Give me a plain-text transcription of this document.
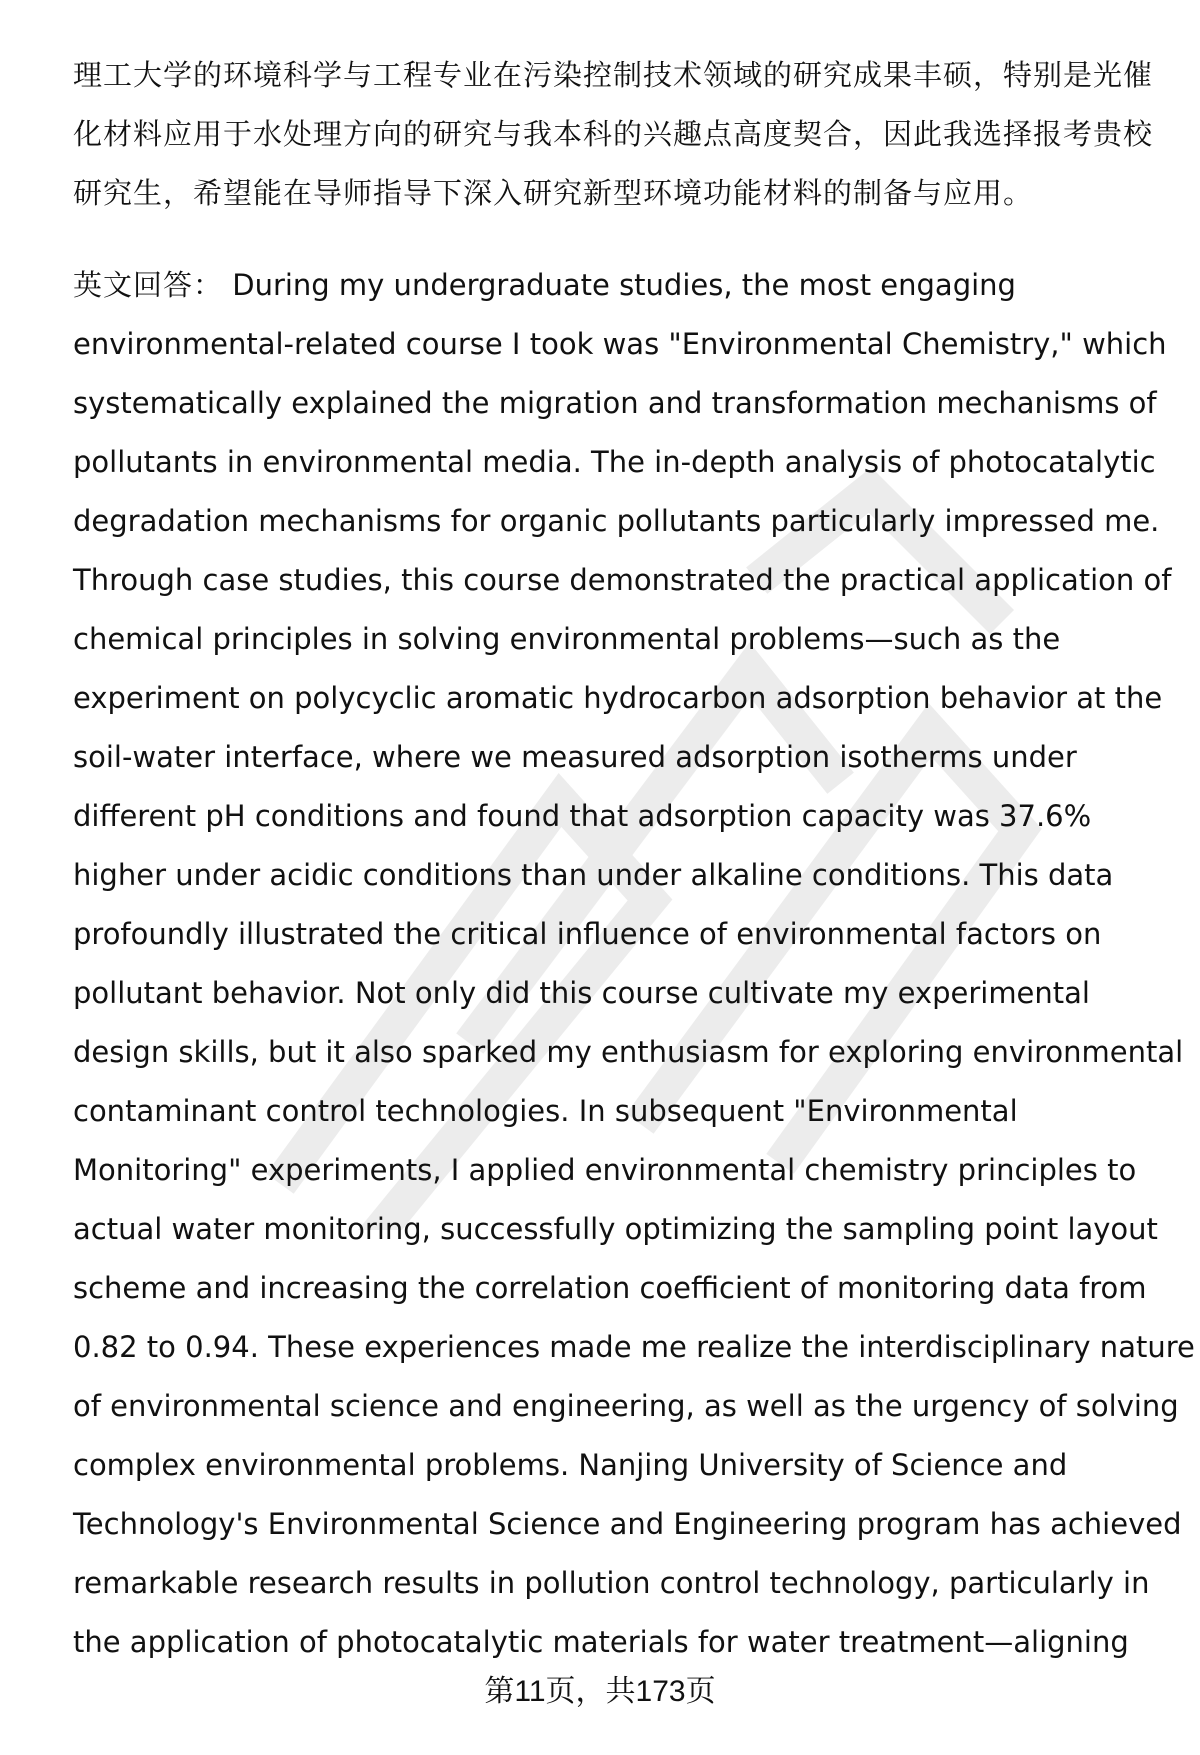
理工大学的环境科学与工程专业在污染控制技术领域的研究成果丰硕，特别是光催
化材料应用于水处理方向的研究与我本科的兴趣点高度契合，因此我选择报考贵校
研究生，希望能在导师指导下深入研究新型环境功能材料的制备与应用。
英文回答： During my undergraduate studies, the most engaging
environmental-related course I took was "Environmental Chemistry," which
systematically explained the migration and transformation mechanisms of
pollutants in environmental media. The in-depth analysis of photocatalytic
degradation mechanisms for organic pollutants particularly impressed me.
Through case studies, this course demonstrated the practical application of
chemical principles in solving environmental problems—such as the
experiment on polycyclic aromatic hydrocarbon adsorption behavior at the
soil-water interface, where we measured adsorption isotherms under
different pH conditions and found that adsorption capacity was 37.6%
higher under acidic conditions than under alkaline conditions. This data
profoundly illustrated the critical influence of environmental factors on
pollutant behavior. Not only did this course cultivate my experimental
design skills, but it also sparked my enthusiasm for exploring environmental
contaminant control technologies. In subsequent "Environmental
Monitoring" experiments, I applied environmental chemistry principles to
actual water monitoring, successfully optimizing the sampling point layout
scheme and increasing the correlation coefficient of monitoring data from
0.82 to 0.94. These experiences made me realize the interdisciplinary nature
of environmental science and engineering, as well as the urgency of solving
complex environmental problems. Nanjing University of Science and
Technology's Environmental Science and Engineering program has achieved
remarkable research results in pollution control technology, particularly in
the application of photocatalytic materials for water treatment—aligning
第11页，共173页
